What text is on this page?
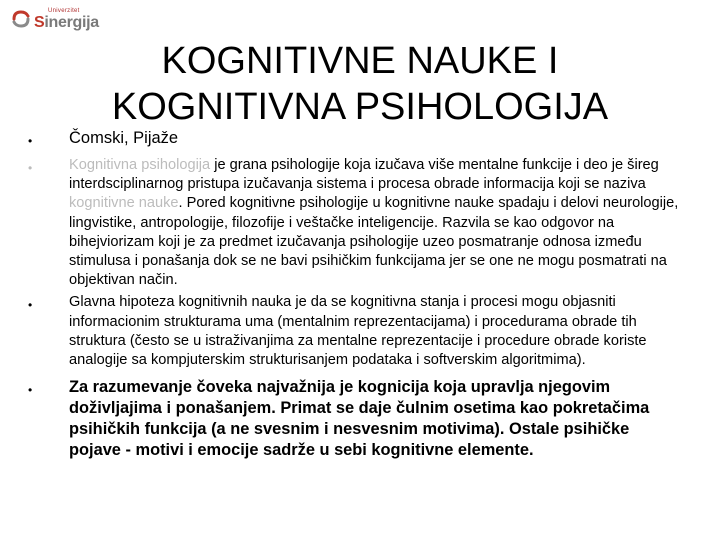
Univerzitet
Sinergija
KOGNITIVNE NAUKE I KOGNITIVNA PSIHOLOGIJA
• Čomski, Pijaže
•	Kognitivna psihologija je grana psihologije koja izučava više mentalne funkcije i deo je šireg interdsciplinarnog pristupa izučavanja sistema i procesa obrade informacija koji se naziva kognitivne nauke. Pored kognitivne psihologije u kognitivne nauke spadaju i delovi neurologije, lingvistike, antropologije, filozofije i veštačke inteligencije. Razvila se kao odgovor na bihejviorizam koji je za predmet izučavanja psihologije uzeo posmatranje odnosa između stimulusa i ponašanja dok se ne bavi psihičkim funkcijama jer se one ne mogu posmatrati na objektivan način.
•	Glavna hipoteza kognitivnih nauka je da se kognitivna stanja i procesi mogu objasniti informacionim strukturama uma (mentalnim reprezentacijama) i procedurama obrade tih struktura (često se u istraživanjima za mentalne reprezentacije i procedure obrade koriste analogije sa kompjuterskim strukturisanjem podataka i softverskim algoritmima).
• Za razumevanje čoveka najvažnija je kognicija koja upravlja njegovim doživljajima i ponašanjem. Primat se daje čulnim osetima kao pokretačima psihičkih funkcija (a ne svesnim i nesvesnim motivima). Ostale psihičke pojave - motivi i emocije sadrže u sebi kognitivne elemente.
